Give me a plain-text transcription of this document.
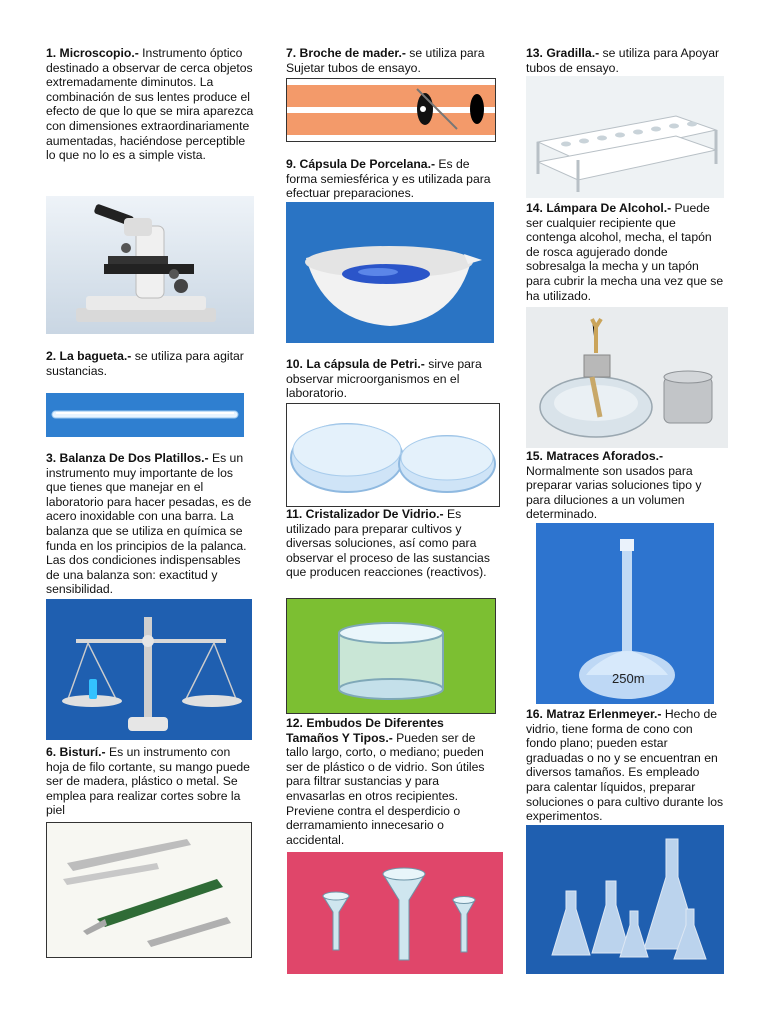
1. Microscopio.- Instrumento óptico destinado a observar de cerca objetos extremadamente diminutos. La combinación de sus lentes produce el efecto de que lo que se mira aparezca con dimensiones extraordinariamente aumentadas, haciéndose perceptible lo que no lo es a simple vista.
2. La bagueta.- se utiliza para agitar sustancias.
3. Balanza De Dos Platillos.- Es un instrumento muy importante de los que tienes que manejar en el laboratorio para hacer pesadas, es de acero inoxidable con una barra. La balanza que se utiliza en química se funda en los principios de la palanca. Las dos condiciones indispensables de una balanza son: exactitud y sensibilidad.
6. Bisturí.- Es un instrumento con hoja de filo cortante, su mango puede ser de madera, plástico o metal. Se emplea para realizar cortes sobre la piel
7. Broche de mader.- se utiliza para Sujetar tubos de ensayo.
9. Cápsula De Porcelana.- Es de forma semiesférica y es utilizada para efectuar preparaciones.
10. La cápsula de Petri.- sirve para observar microorganismos en el laboratorio.
11. Cristalizador De Vidrio.- Es utilizado para preparar cultivos y diversas soluciones, así como para observar el proceso de las sustancias que producen reacciones (reactivos).
12. Embudos De Diferentes Tamaños Y Tipos.- Pueden ser de tallo largo, corto, o mediano; pueden ser de plástico o de vidrio. Son útiles para filtrar sustancias y para envasarlas en otros recipientes. Previene contra el desperdicio o derramamiento innecesario o accidental.
13. Gradilla.- se utiliza para Apoyar tubos de ensayo.
14. Lámpara De Alcohol.- Puede ser cualquier recipiente que contenga alcohol, mecha, el tapón de rosca agujerado donde sobresalga la mecha y un tapón para cubrir la mecha una vez que se ha utilizado.
15. Matraces Aforados.- Normalmente son usados para preparar varias soluciones tipo y para diluciones a un volumen determinado.
250m
16. Matraz Erlenmeyer.- Hecho de vidrio, tiene forma de cono con fondo plano; pueden estar graduadas o no y se encuentran en diversos tamaños. Es empleado para calentar líquidos, preparar soluciones o para cultivo durante los experimentos.
